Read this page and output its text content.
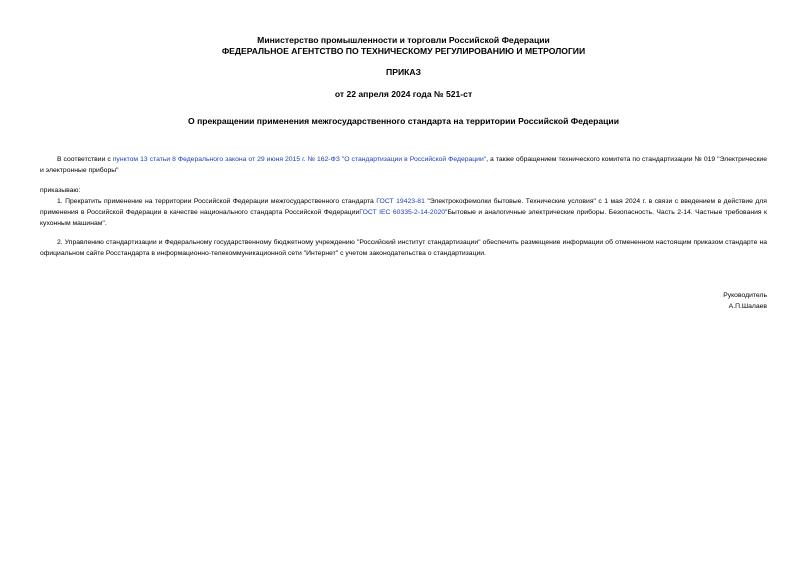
Министерство промышленности и торговли Российской Федерации
ФЕДЕРАЛЬНОЕ АГЕНТСТВО ПО ТЕХНИЧЕСКОМУ РЕГУЛИРОВАНИЮ И МЕТРОЛОГИИ
ПРИКАЗ
от 22 апреля 2024 года № 521-ст
О прекращении применения межгосударственного стандарта на территории Российской Федерации
В соответствии с пунктом 13 статьи 8 Федерального закона от 29 июня 2015 г. № 162-ФЗ "О стандартизации в Российской Федерации", а также обращением технического комитета по стандартизации № 019 "Электрические и электронные приборы"
приказываю:
1. Прекратить применение на территории Российской Федерации межгосударственного стандарта ГОСТ 19423-81 "Электрокофемолки бытовые. Технические условия" с 1 мая 2024 г. в связи с введением в действие для применения в Российской Федерации в качестве национального стандарта Российской ФедерацииГОСТ IEC 60335-2-14-2020"Бытовые и аналогичные электрические приборы. Безопасность. Часть 2-14. Частные требования к кухонным машинам".
2. Управлению стандартизации и Федеральному государственному бюджетному учреждению "Российский институт стандартизации" обеспечить размещение информации об отмененном настоящим приказом стандарте на официальном сайте Росстандарта в информационно-телекоммуникационной сети "Интернет" с учетом законодательства о стандартизации.
Руководитель
А.П.Шалаев
